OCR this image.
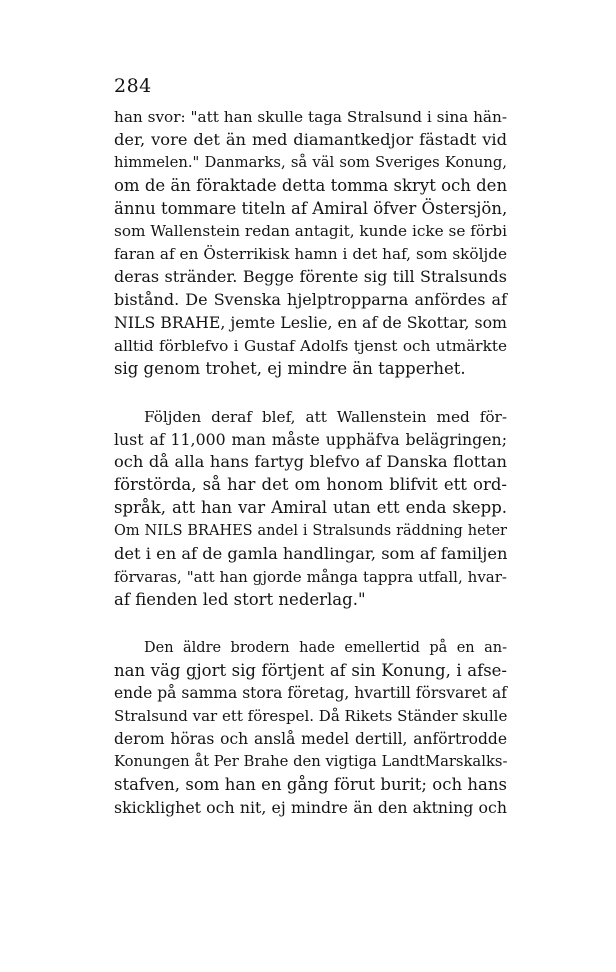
284

han svor: "att han skulle taga Stralsund i sina hän-
der, vore det än med diamantkedjor fästadt vid
himmelen." Danmarks, så väl som Sveriges Konung,
om de än föraktade detta tomma skryt och den
ännu tommare titeln af Amiral öfver Östersjön,
som Wallenstein redan antagit, kunde icke se förbi
faran af en Österrikisk hamn i det haf, som sköljde
deras stränder. Begge förente sig till Stralsunds
bistånd. De Svenska hjelptropparna anfördes af
NILS BRAHE, jemte Leslie, en af de Skottar, som
alltid förblefvo i Gustaf Adolfs tjenst och utmärkte
sig genom trohet, ej mindre än tapperhet.
Följden deraf blef, att Wallenstein med för-
lust af 11,000 man måste upphäfva belägringen;
och då alla hans fartyg blefvo af Danska flottan
förstörda, så har det om honom blifvit ett ord-
språk, att han var Amiral utan ett enda skepp.
Om NILS BRAHES andel i Stralsunds räddning heter
det i en af de gamla handlingar, som af familjen
förvaras, "att han gjorde många tappra utfall, hvar-
af fienden led stort nederlag."
Den äldre brodern hade emellertid på en an-
nan väg gjort sig förtjent af sin Konung, i afse-
ende på samma stora företag, hvartill försvaret af
Stralsund var ett förespel. Då Rikets Ständer skulle
derom höras och anslå medel dertill, anförtrodde
Konungen åt Per Brahe den vigtiga LandtMarskalks-
stafven, som han en gång förut burit; och hans
skicklighet och nit, ej mindre än den aktning och
